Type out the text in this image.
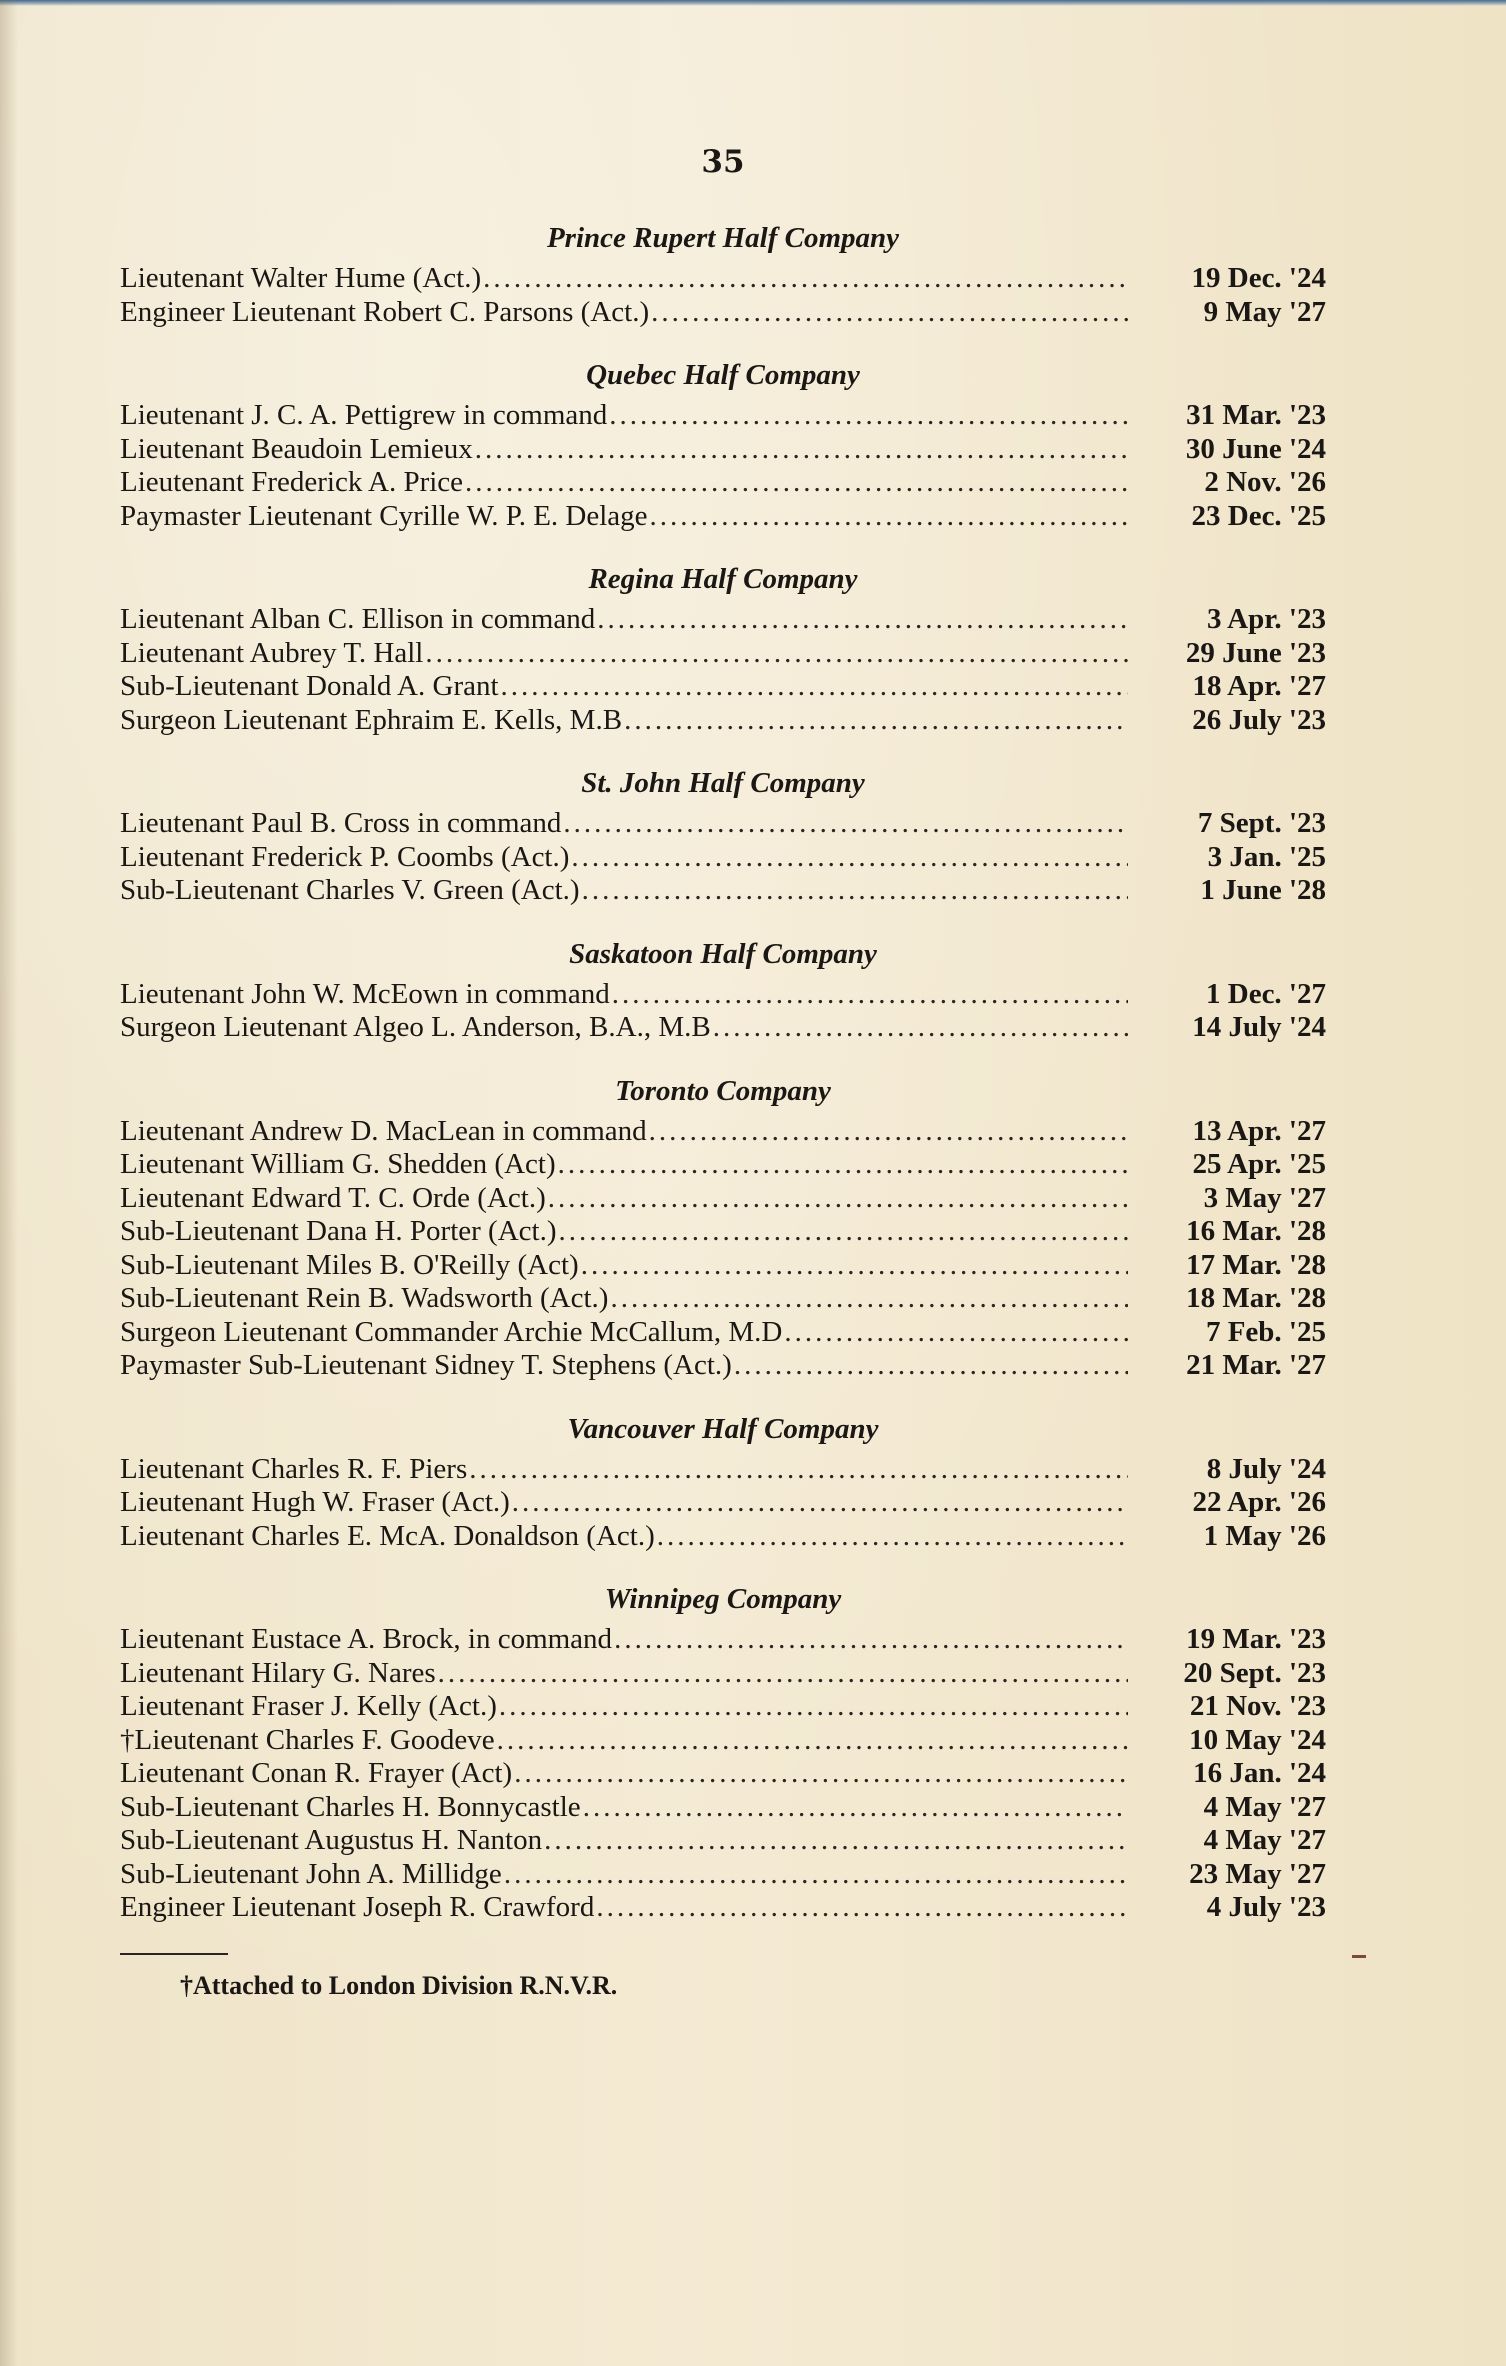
35
Prince Rupert Half Company
Lieutenant Walter Hume (Act.) .....	19 Dec. '24
Engineer Lieutenant Robert C. Parsons (Act.) .....	9 May '27
Quebec Half Company
Lieutenant J. C. A. Pettigrew in command .....	31 Mar. '23
Lieutenant Beaudoin Lemieux .....	30 June '24
Lieutenant Frederick A. Price .....	2 Nov. '26
Paymaster Lieutenant Cyrille W. P. E. Delage .....	23 Dec. '25
Regina Half Company
Lieutenant Alban C. Ellison in command .....	3 Apr. '23
Lieutenant Aubrey T. Hall .....	29 June '23
Sub-Lieutenant Donald A. Grant .....	18 Apr. '27
Surgeon Lieutenant Ephraim E. Kells, M.B .....	26 July '23
St. John Half Company
Lieutenant Paul B. Cross in command .....	7 Sept. '23
Lieutenant Frederick P. Coombs (Act.) .....	3 Jan. '25
Sub-Lieutenant Charles V. Green (Act.) .....	1 June '28
Saskatoon Half Company
Lieutenant John W. McEown in command .....	1 Dec. '27
Surgeon Lieutenant Algeo L. Anderson, B.A., M.B .....	14 July '24
Toronto Company
Lieutenant Andrew D. MacLean in command .....	13 Apr. '27
Lieutenant William G. Shedden (Act) .....	25 Apr. '25
Lieutenant Edward T. C. Orde (Act.) .....	3 May '27
Sub-Lieutenant Dana H. Porter (Act.) .....	16 Mar. '28
Sub-Lieutenant Miles B. O'Reilly (Act) .....	17 Mar. '28
Sub-Lieutenant Rein B. Wadsworth (Act.) .....	18 Mar. '28
Surgeon Lieutenant Commander Archie McCallum, M.D .....	7 Feb. '25
Paymaster Sub-Lieutenant Sidney T. Stephens (Act.) .....	21 Mar. '27
Vancouver Half Company
Lieutenant Charles R. F. Piers .....	8 July '24
Lieutenant Hugh W. Fraser (Act.) .....	22 Apr. '26
Lieutenant Charles E. McA. Donaldson (Act.) .....	1 May '26
Winnipeg Company
Lieutenant Eustace A. Brock, in command .....	19 Mar. '23
Lieutenant Hilary G. Nares .....	20 Sept. '23
Lieutenant Fraser J. Kelly (Act.) .....	21 Nov. '23
†Lieutenant Charles F. Goodeve .....	10 May '24
Lieutenant Conan R. Frayer (Act) .....	16 Jan. '24
Sub-Lieutenant Charles H. Bonnycastle .....	4 May '27
Sub-Lieutenant Augustus H. Nanton .....	4 May '27
Sub-Lieutenant John A. Millidge .....	23 May '27
Engineer Lieutenant Joseph R. Crawford .....	4 July '23
†Attached to London Division R.N.V.R.
